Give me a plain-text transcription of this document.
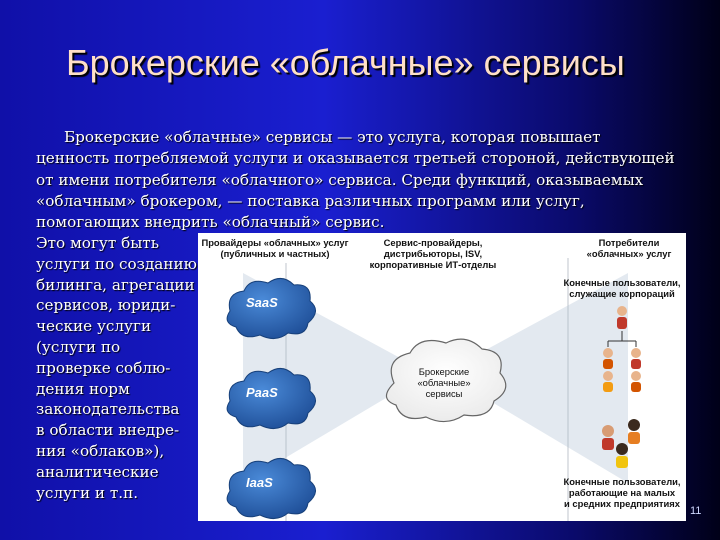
Брокерские «облачные» сервисы
Брокерские «облачные» сервисы — это услуга, которая повышает ценность потребляемой услуги и оказывается третьей стороной, действующей от имени потребителя «облачного» сервиса. Среди функций, оказываемых «облачным» брокером, — поставка различных программ или услуг, помогающих внедрить «облачный» сервис.
Это могут быть
услуги по созданию
билинга, агрегации
сервисов, юриди-
ческие услуги
(услуги по
проверке соблю-
дения норм
законодательства
в области внедре-
ния «облаков»),
аналитические
услуги и т.п.
Провайдеры «облачных» услуг
(публичных и частных)
Сервис-провайдеры,
дистрибьюторы, ISV,
корпоративные ИТ-отделы
Потребители
«облачных» услуг
SaaS
PaaS
IaaS
Брокерские
«облачные»
сервисы
Конечные пользователи,
служащие корпораций
Конечные пользователи,
работающие на малых
и средних предприятиях
11
